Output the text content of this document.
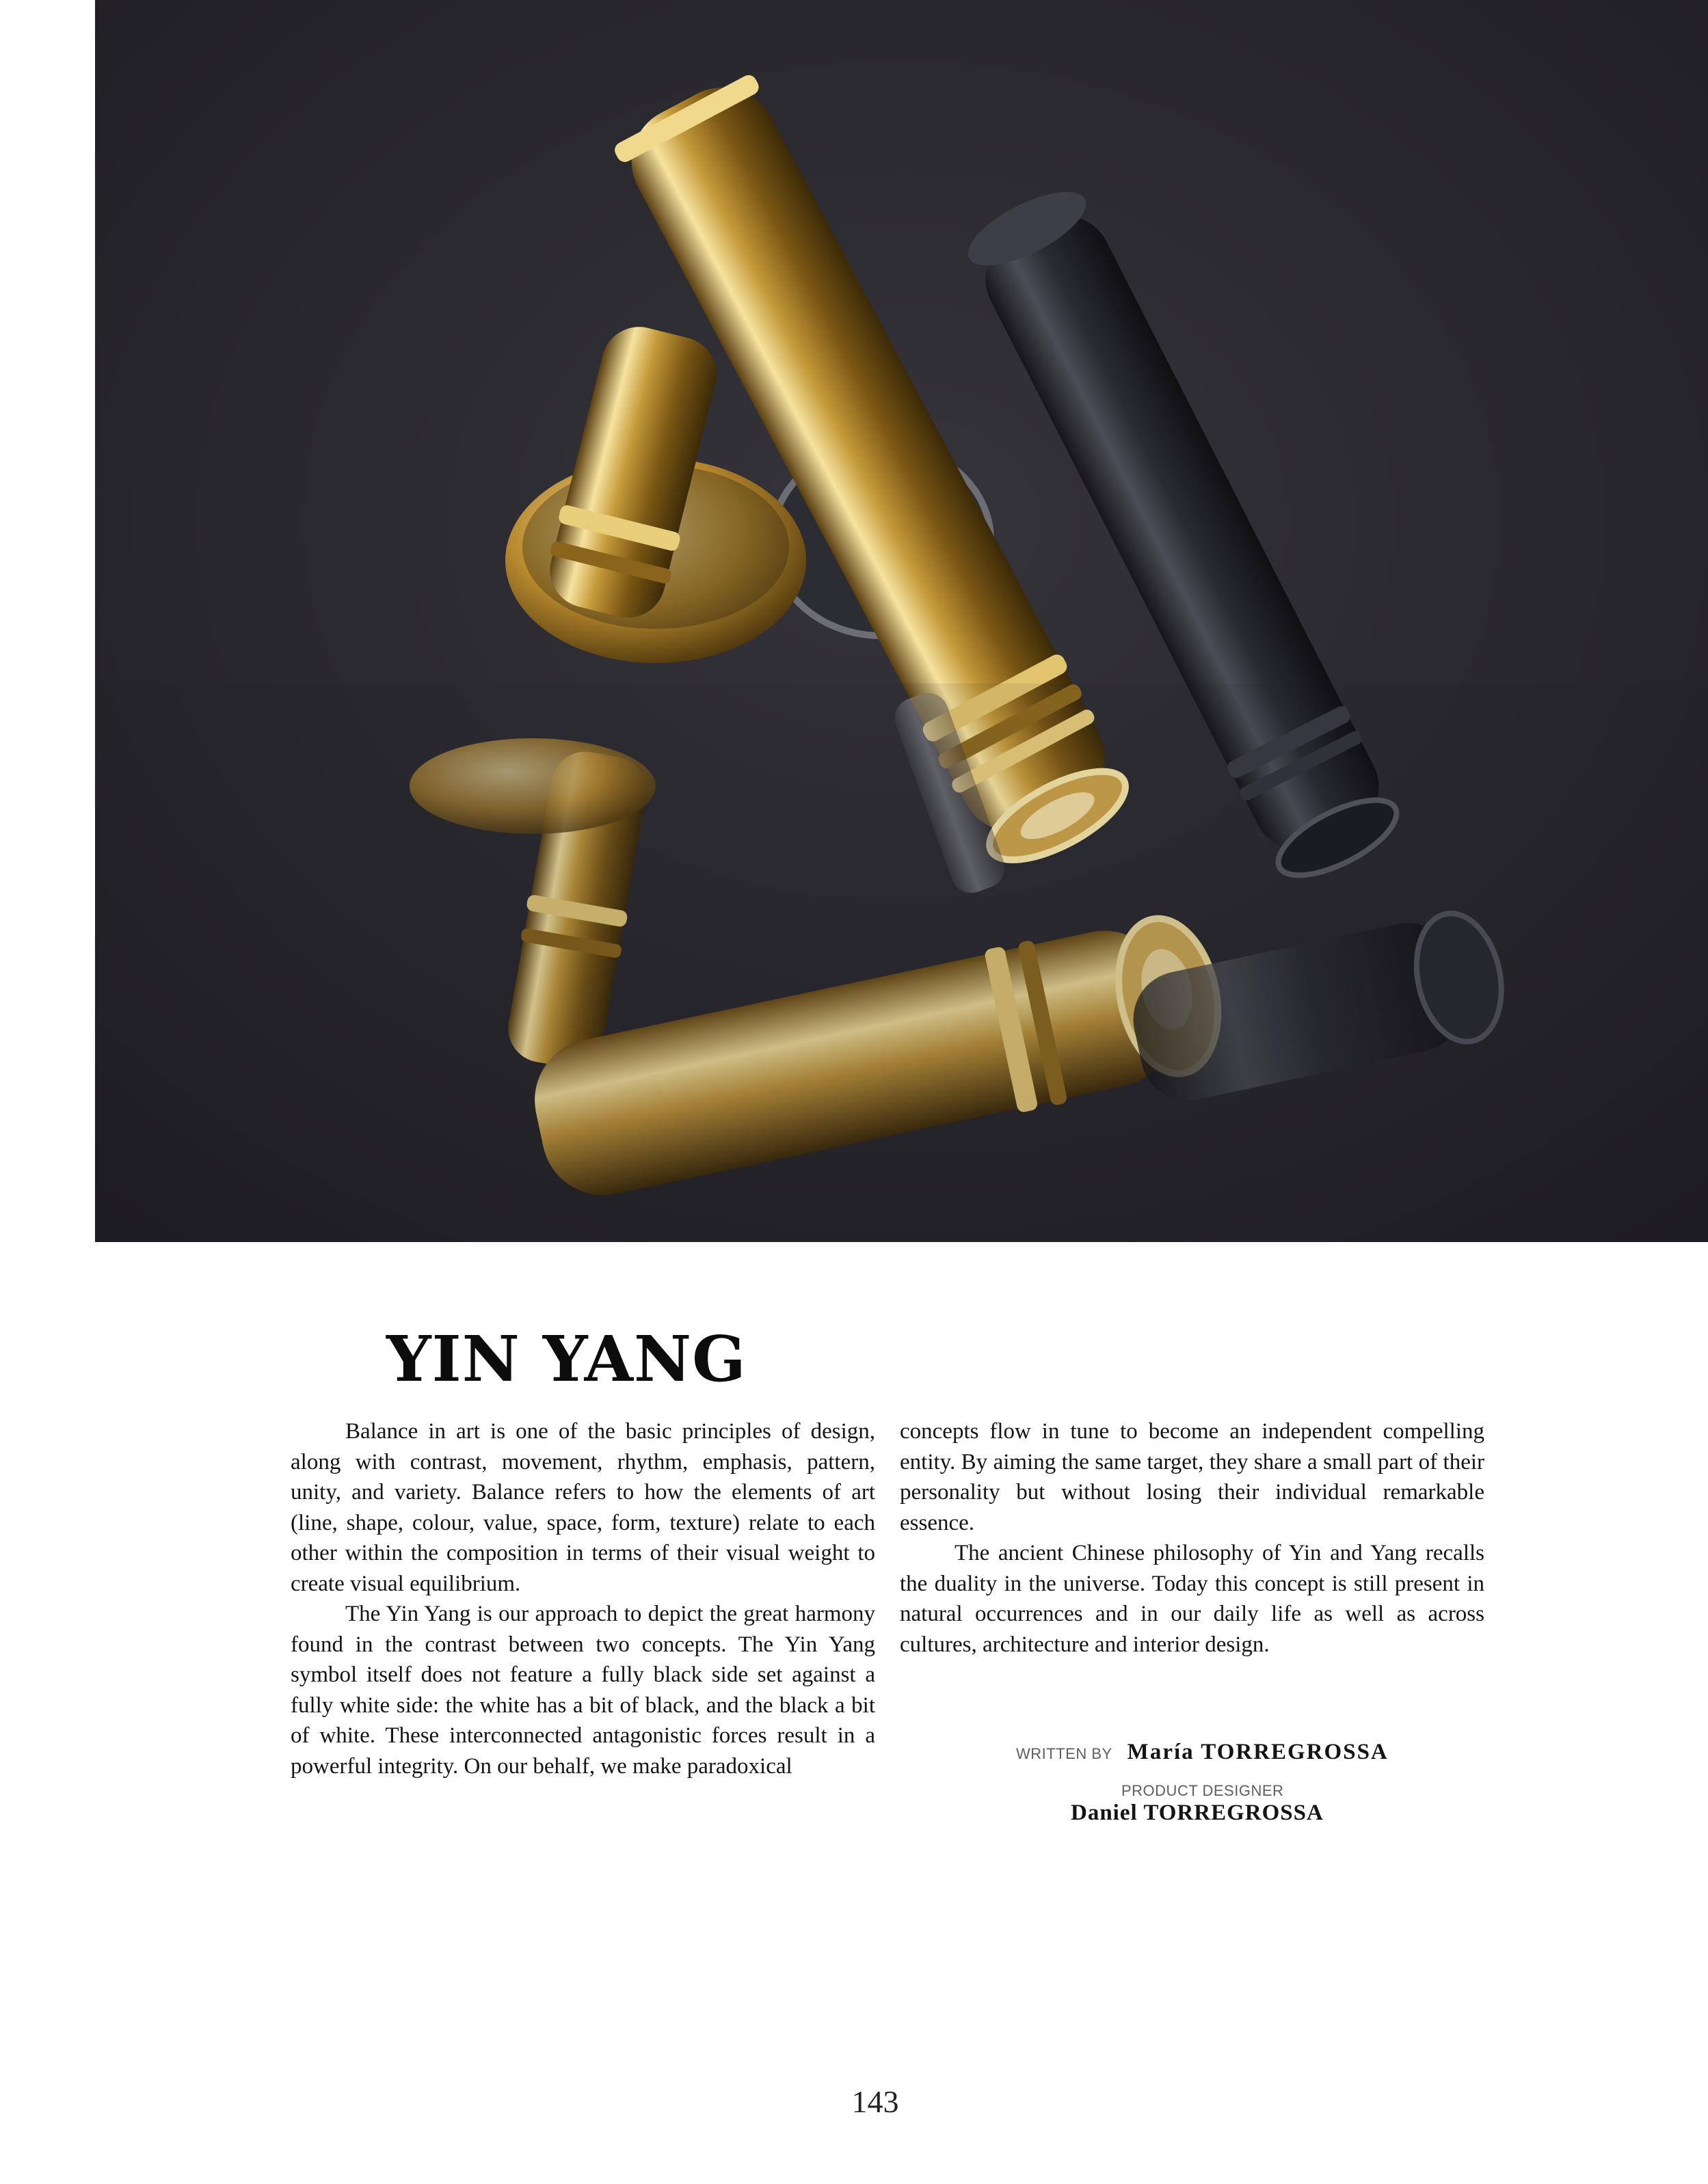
YIN YANG

Balance in art is one of the basic principles of design, along with contrast, movement, rhythm, emphasis, pattern, unity, and variety. Balance refers to how the elements of art (line, shape, colour, value, space, form, texture) relate to each other within the composition in terms of their visual weight to create visual equilibrium.

The Yin Yang is our approach to depict the great harmony found in the contrast between two concepts. The Yin Yang symbol itself does not feature a fully black side set against a fully white side: the white has a bit of black, and the black a bit of white. These interconnected antagonistic forces result in a powerful integrity. On our behalf, we make paradoxical

concepts flow in tune to become an independent compelling entity. By aiming the same target, they share a small part of their personality but without losing their individual remarkable essence.

The ancient Chinese philosophy of Yin and Yang recalls the duality in the universe. Today this concept is still present in natural occurrences and in our daily life as well as across cultures, architecture and interior design.

WRITTEN BY María TORREGROSSA
PRODUCT DESIGNER
Daniel TORREGROSSA
143
